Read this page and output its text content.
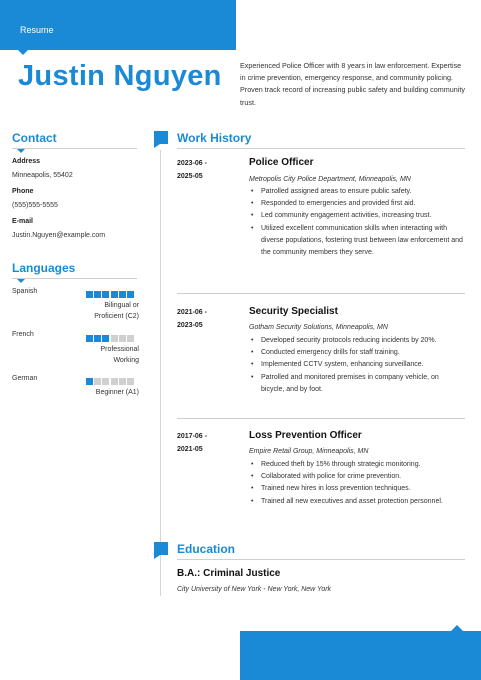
Resume
Justin Nguyen	Experienced Police Officer with 8 years in law enforcement. Expertise in crime prevention, emergency response, and community policing. Proven track record of increasing public safety and building community trust.

Contact
Address
Minneapolis, 55402
Phone
(555)555-5555
E-mail
Justin.Nguyen@example.com
Languages
Spanish
Bilingual or Proficient (C2)
French
Professional Working
German
Beginner (A1)
Work History
2023-06 -
2025-05
Police Officer
Metropolis City Police Department, Minneapolis, MN
• Patrolled assigned areas to ensure public safety.
• Responded to emergencies and provided first aid.
• Led community engagement activities, increasing trust.
• Utilized excellent communication skills when interacting with diverse populations, fostering trust between law enforcement and the community members they serve.
2021-06 -
2023-05
Security Specialist
Gotham Security Solutions, Minneapolis, MN
• Developed security protocols reducing incidents by 20%.
• Conducted emergency drills for staff training.
• Implemented CCTV system, enhancing surveillance.
• Patrolled and monitored premises in company vehicle, on bicycle, and by foot.
2017-06 -
2021-05
Loss Prevention Officer
Empire Retail Group, Minneapolis, MN
• Reduced theft by 15% through strategic monitoring.
• Collaborated with police for crime prevention.
• Trained new hires in loss prevention techniques.
• Trained all new executives and asset protection personnel.
Education
B.A.: Criminal Justice
City University of New York - New York, New York
